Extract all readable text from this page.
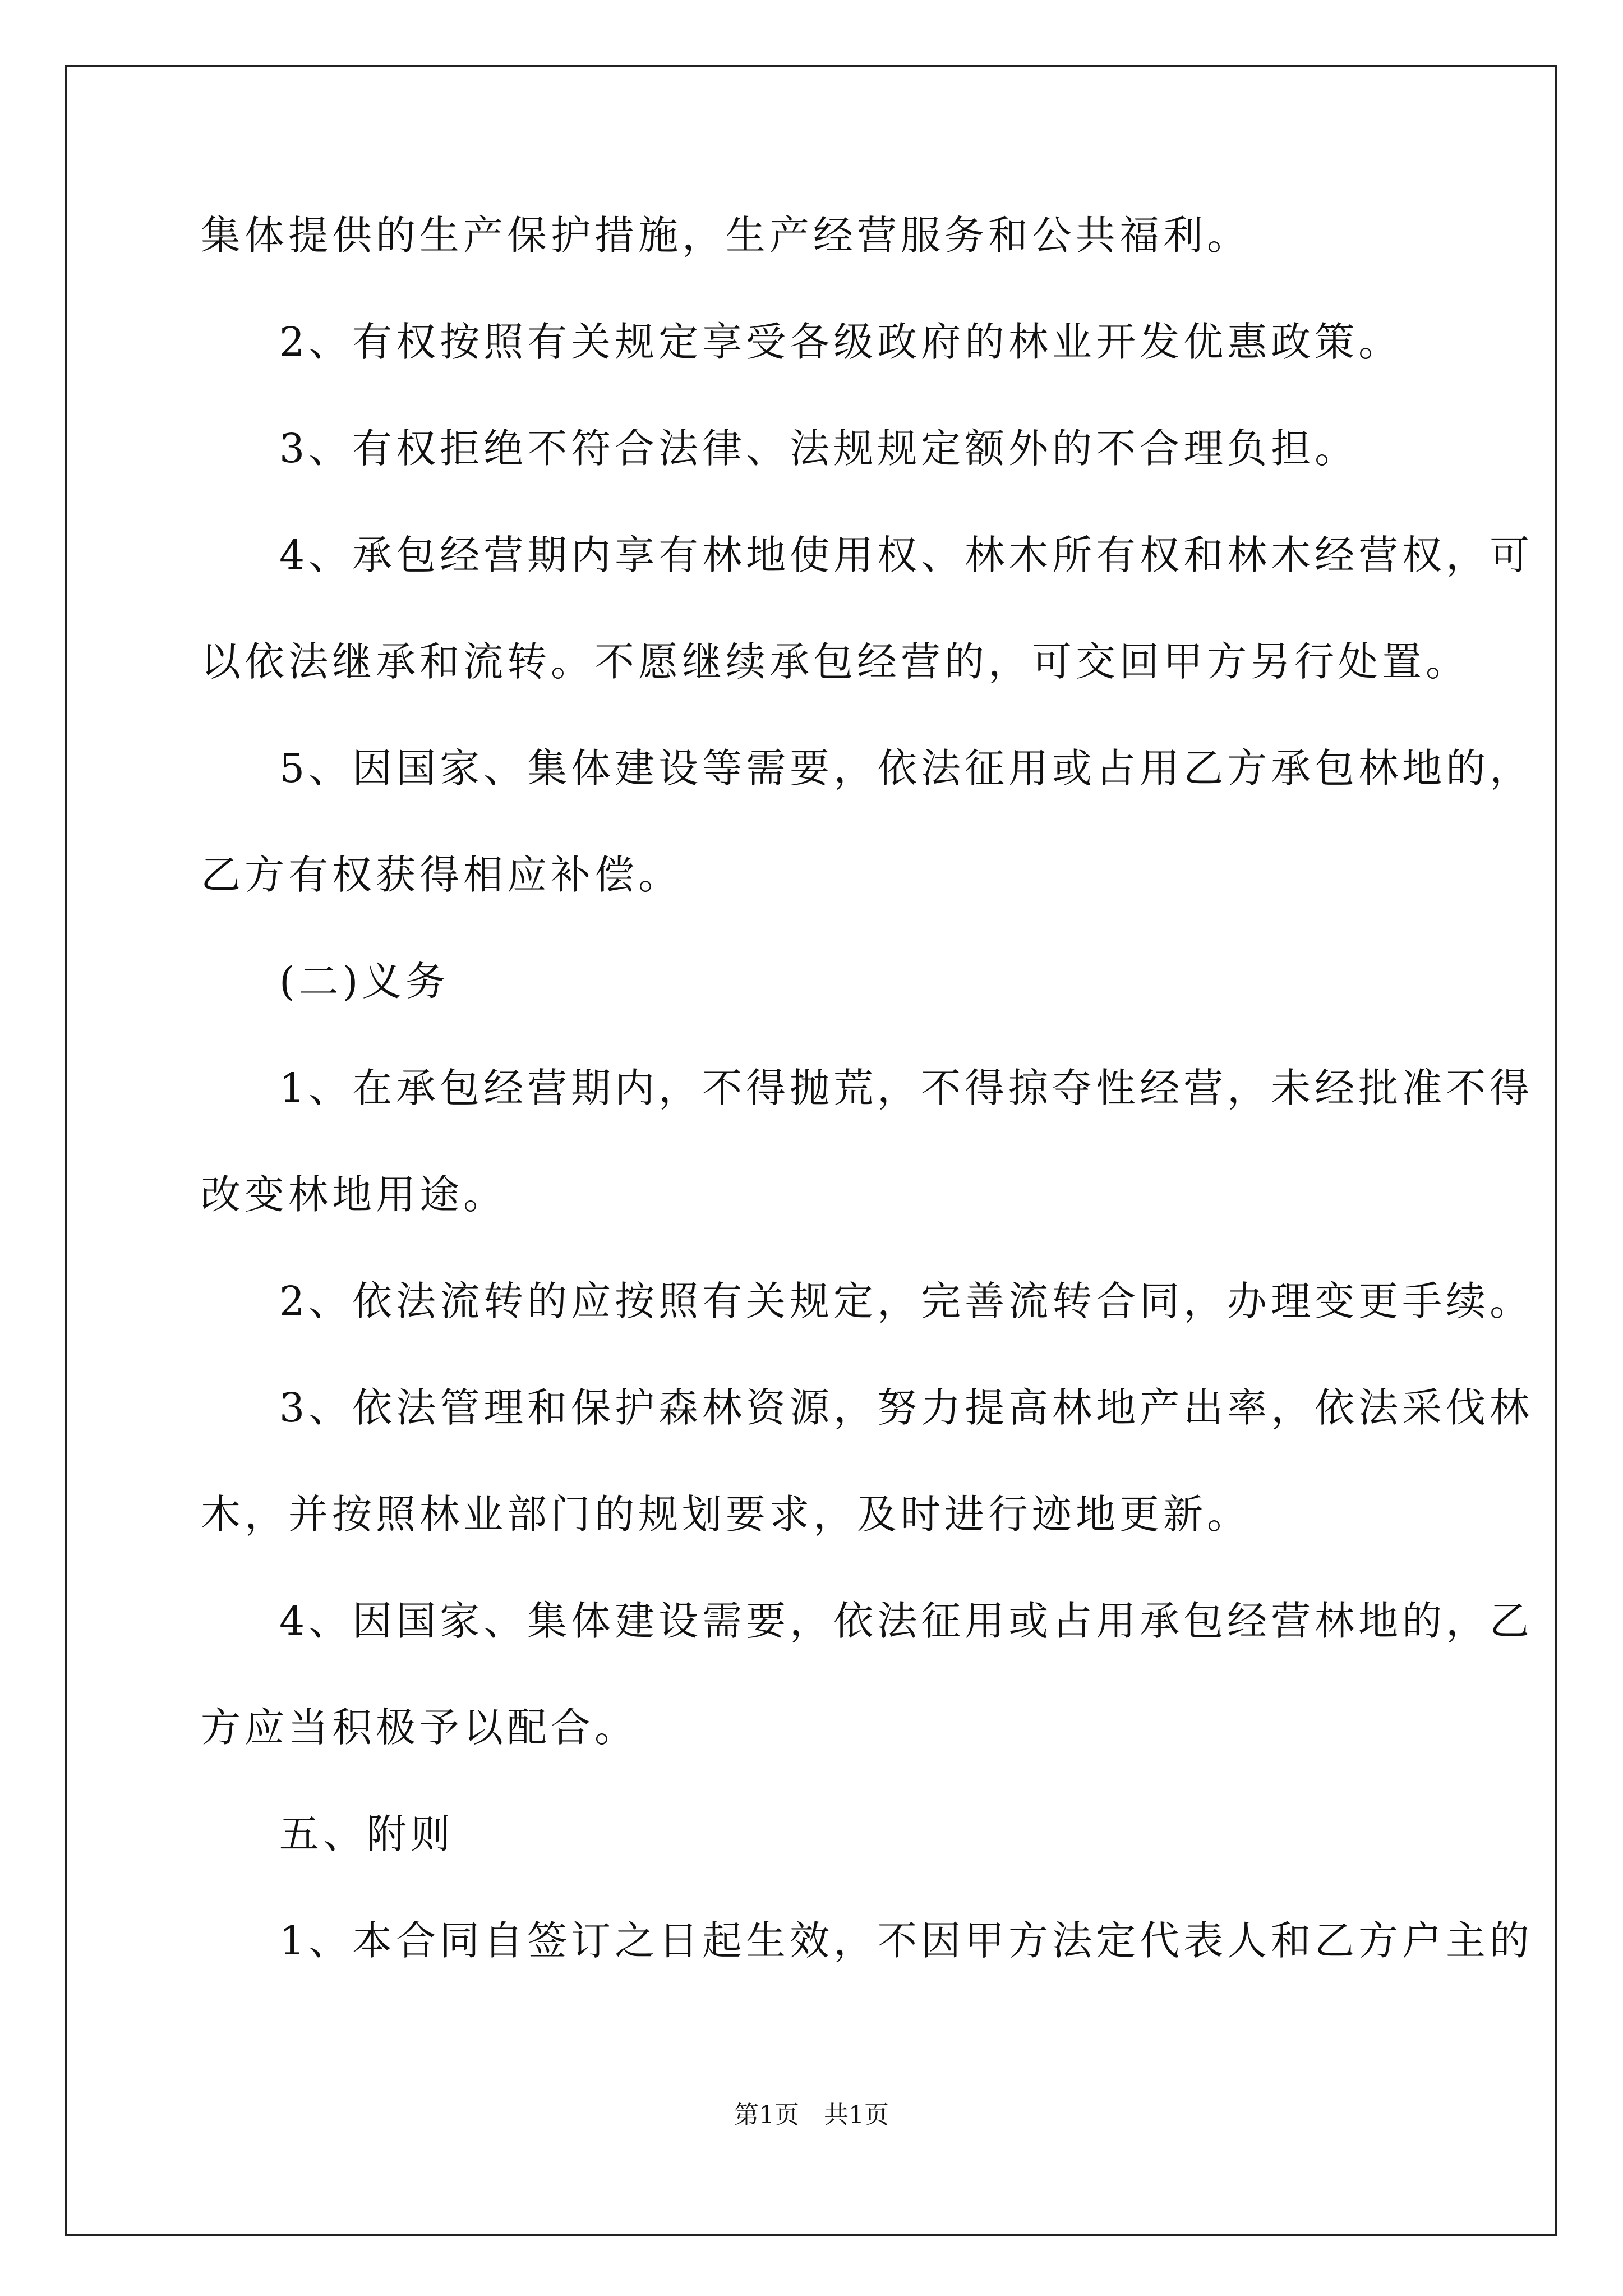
集体提供的生产保护措施，生产经营服务和公共福利。
2、有权按照有关规定享受各级政府的林业开发优惠政策。
3、有权拒绝不符合法律、法规规定额外的不合理负担。
4、承包经营期内享有林地使用权、林木所有权和林木经营权，可
以依法继承和流转。不愿继续承包经营的，可交回甲方另行处置。
5、因国家、集体建设等需要，依法征用或占用乙方承包林地的，
乙方有权获得相应补偿。
(二)义务
1、在承包经营期内，不得抛荒，不得掠夺性经营，未经批准不得
改变林地用途。
2、依法流转的应按照有关规定，完善流转合同，办理变更手续。
3、依法管理和保护森林资源，努力提高林地产出率，依法采伐林
木，并按照林业部门的规划要求，及时进行迹地更新。
4、因国家、集体建设需要，依法征用或占用承包经营林地的，乙
方应当积极予以配合。
五、附则
1、本合同自签订之日起生效，不因甲方法定代表人和乙方户主的
第1页　共1页
